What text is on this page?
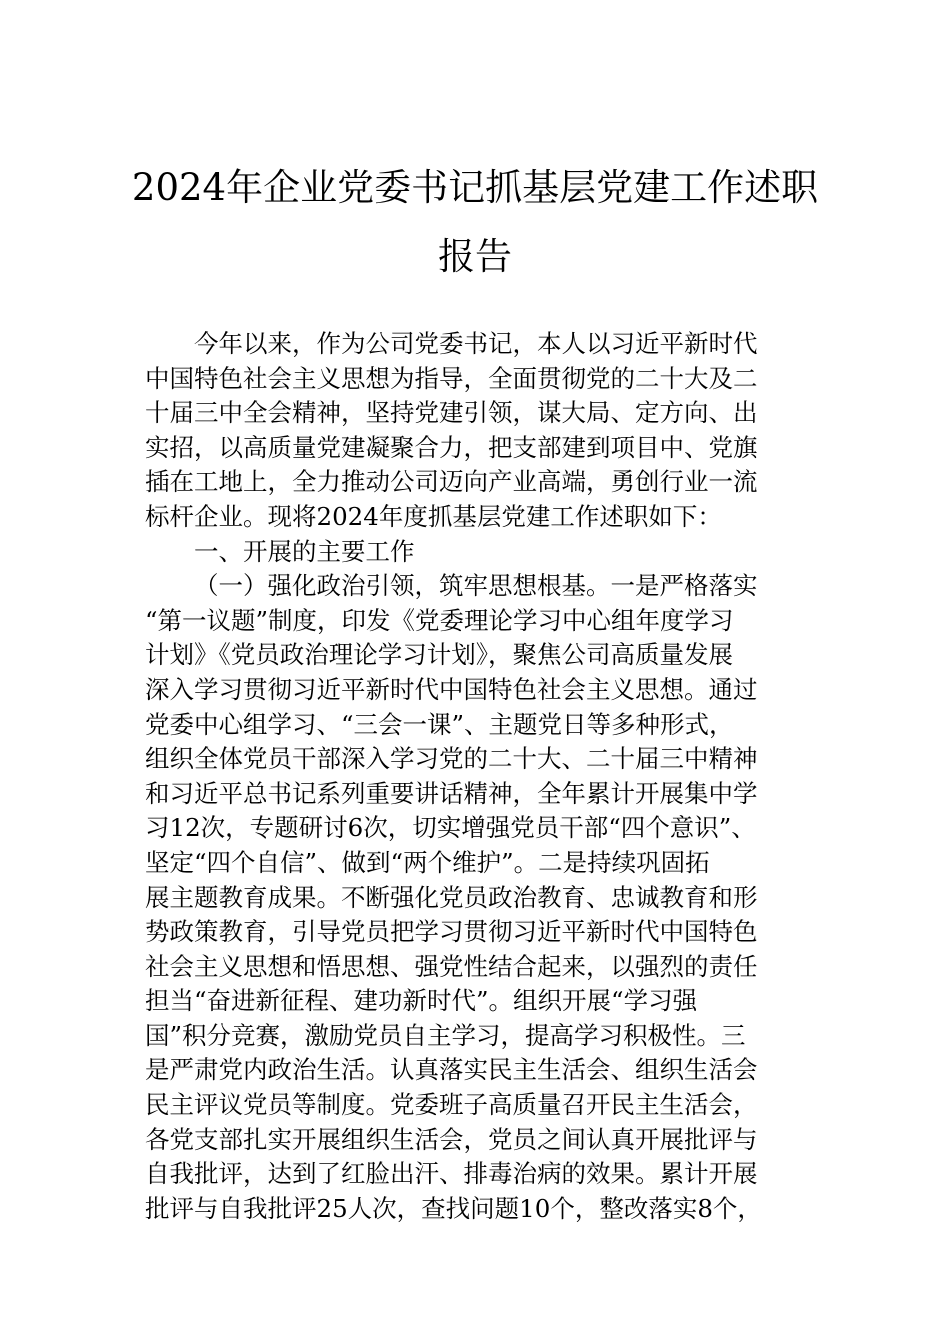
2024年企业党委书记抓基层党建工作述职
报告
今年以来，作为公司党委书记，本人以习近平新时代
中国特色社会主义思想为指导，全面贯彻党的二十大及二
十届三中全会精神，坚持党建引领，谋大局、定方向、出
实招，以高质量党建凝聚合力，把支部建到项目中、党旗
插在工地上，全力推动公司迈向产业高端，勇创行业一流
标杆企业。现将2024年度抓基层党建工作述职如下：
一、开展的主要工作
（一）强化政治引领，筑牢思想根基。一是严格落实
“第一议题”制度，印发《党委理论学习中心组年度学习
计划》《党员政治理论学习计划》，聚焦公司高质量发展
深入学习贯彻习近平新时代中国特色社会主义思想。通过
党委中心组学习、“三会一课”、主题党日等多种形式，
组织全体党员干部深入学习党的二十大、二十届三中精神
和习近平总书记系列重要讲话精神，全年累计开展集中学
习12次，专题研讨6次，切实增强党员干部“四个意识”、
坚定“四个自信”、做到“两个维护”。二是持续巩固拓
展主题教育成果。不断强化党员政治教育、忠诚教育和形
势政策教育，引导党员把学习贯彻习近平新时代中国特色
社会主义思想和悟思想、强党性结合起来，以强烈的责任
担当“奋进新征程、建功新时代”。组织开展“学习强
国”积分竞赛，激励党员自主学习，提高学习积极性。三
是严肃党内政治生活。认真落实民主生活会、组织生活会
民主评议党员等制度。党委班子高质量召开民主生活会，
各党支部扎实开展组织生活会，党员之间认真开展批评与
自我批评，达到了红脸出汗、排毒治病的效果。累计开展
批评与自我批评25人次，查找问题10个，整改落实8个，
